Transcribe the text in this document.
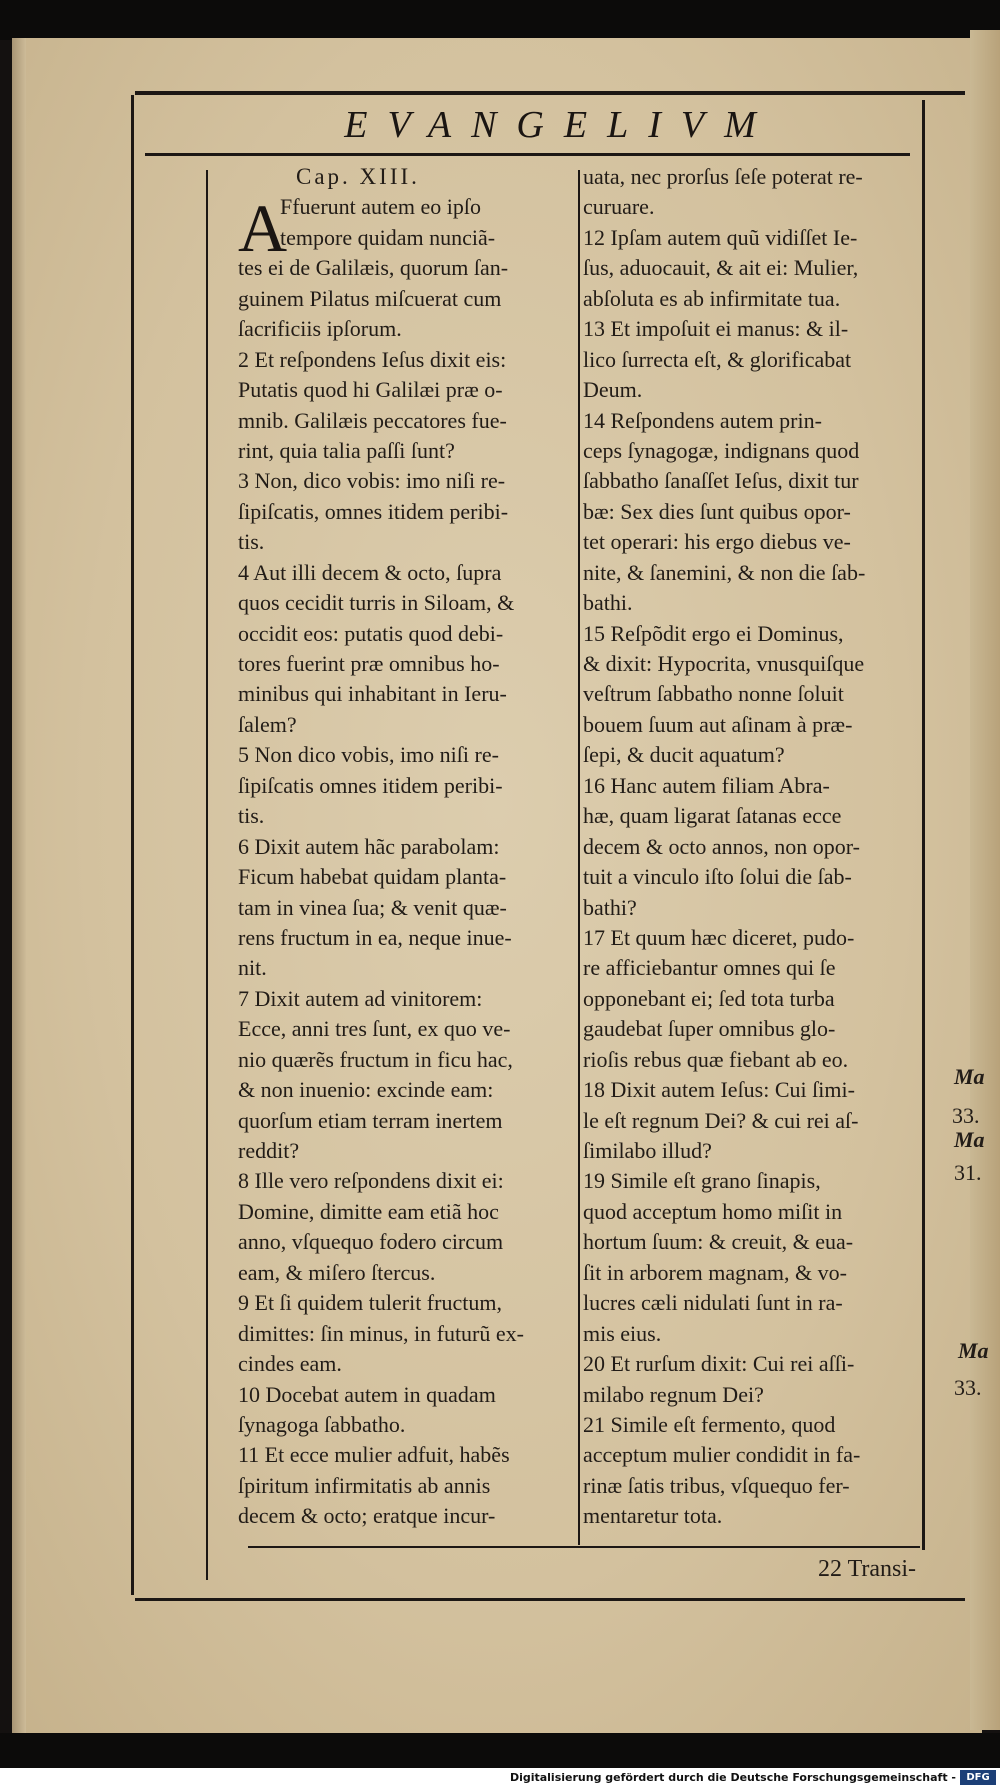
EVANGELIVM
Cap. XIII.
A
Ffuerunt autem eo ipſo
tempore quidam nunciã-
tes ei de Galilæis, quorum ſan-
guinem Pilatus miſcuerat cum
ſacrificiis ipſorum.
2 Et reſpondens Ieſus dixit eis:
Putatis quod hi Galilæi præ o-
mnib. Galilæis peccatores fue-
rint, quia talia paſſi ſunt?
3 Non, dico vobis: imo niſi re-
ſipiſcatis, omnes itidem peribi-
tis.
4 Aut illi decem & octo, ſupra
quos cecidit turris in Siloam, &
occidit eos: putatis quod debi-
tores fuerint præ omnibus ho-
minibus qui inhabitant in Ieru-
ſalem?
5 Non dico vobis, imo niſi re-
ſipiſcatis omnes itidem peribi-
tis.
6 Dixit autem hãc parabolam:
Ficum habebat quidam planta-
tam in vinea ſua; & venit quæ-
rens fructum in ea, neque inue-
nit.
7 Dixit autem ad vinitorem:
Ecce, anni tres ſunt, ex quo ve-
nio quærẽs fructum in ficu hac,
& non inuenio: excinde eam:
quorſum etiam terram inertem
reddit?
8 Ille vero reſpondens dixit ei:
Domine, dimitte eam etiã hoc
anno, vſquequo fodero circum
eam, & miſero ſtercus.
9 Et ſi quidem tulerit fructum,
dimittes: ſin minus, in futurũ ex-
cindes eam.
10 Docebat autem in quadam
ſynagoga ſabbatho.
11 Et ecce mulier adfuit, habẽs
ſpiritum infirmitatis ab annis
decem & octo; eratque incur-
uata, nec prorſus ſeſe poterat re-
curuare.
12 Ipſam autem quũ vidiſſet Ie-
ſus, aduocauit, & ait ei: Mulier,
abſoluta es ab infirmitate tua.
13 Et impoſuit ei manus: & il-
lico ſurrecta eſt, & glorificabat
Deum.
14 Reſpondens autem prin-
ceps ſynagogæ, indignans quod
ſabbatho ſanaſſet Ieſus, dixit tur
bæ: Sex dies ſunt quibus opor-
tet operari: his ergo diebus ve-
nite, & ſanemini, & non die ſab-
bathi.
15 Reſpõdit ergo ei Dominus,
& dixit: Hypocrita, vnusquiſque
veſtrum ſabbatho nonne ſoluit
bouem ſuum aut aſinam à præ-
ſepi, & ducit aquatum?
16 Hanc autem filiam Abra-
hæ, quam ligarat ſatanas ecce
decem & octo annos, non opor-
tuit a vinculo iſto ſolui die ſab-
bathi?
17 Et quum hæc diceret, pudo-
re afficiebantur omnes qui ſe
opponebant ei; ſed tota turba
gaudebat ſuper omnibus glo-
rioſis rebus quæ fiebant ab eo.
18 Dixit autem Ieſus: Cui ſimi-
le eſt regnum Dei? & cui rei aſ-
ſimilabo illud?
19 Simile eſt grano ſinapis,
quod acceptum homo miſit in
hortum ſuum: & creuit, & eua-
ſit in arborem magnam, & vo-
lucres cæli nidulati ſunt in ra-
mis eius.
20 Et rurſum dixit: Cui rei aſſi-
milabo regnum Dei?
21 Simile eſt fermento, quod
acceptum mulier condidit in fa-
rinæ ſatis tribus, vſquequo fer-
mentaretur tota.
Ma
33.
Ma
31.
Ma
33.
22 Transi-
Digitalisierung gefördert durch die Deutsche Forschungsgemeinschaft -	DFG
